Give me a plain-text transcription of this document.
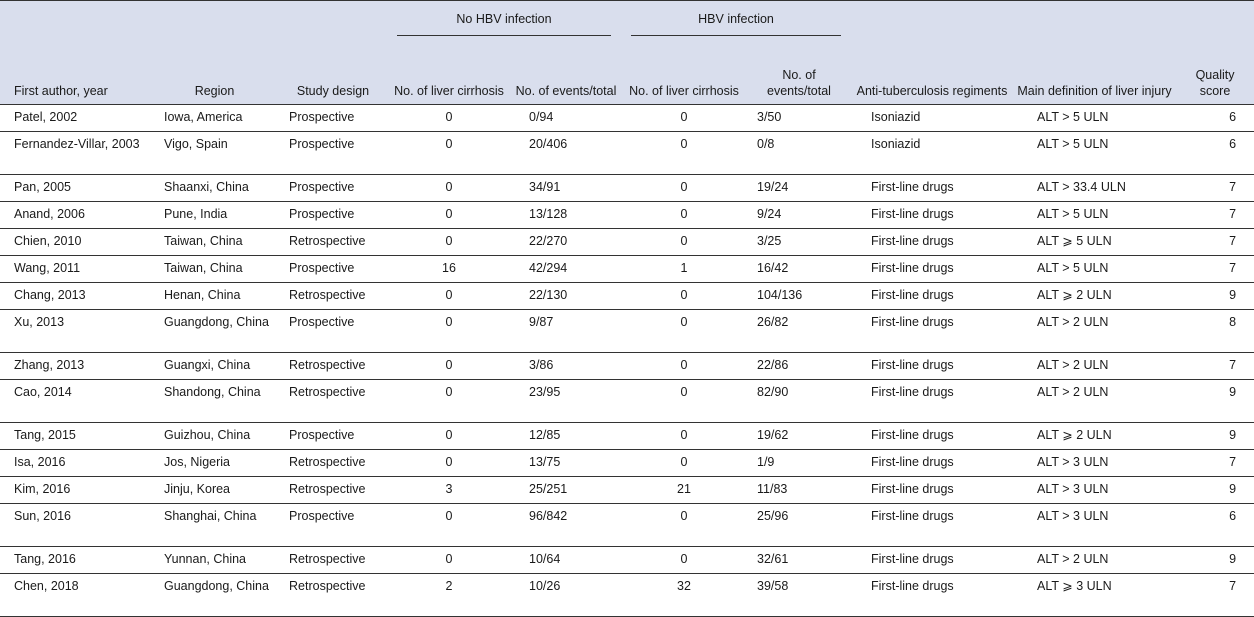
			No HBV infection		HBV infection				

First author, year	Region	Study design	No. of liver cirrhosis	No. of events/total	No. of liver cirrhosis	No. of events/total	Anti-tuberculosis regiments	Main definition of liver injury	Quality score
Patel, 2002	Iowa, America	Prospective	0	0/94	0	3/50	Isoniazid	ALT > 5 ULN	6
Fernandez-Villar, 2003	Vigo, Spain	Prospective	0	20/406	0	0/8	Isoniazid	ALT > 5 ULN	6
Pan, 2005	Shaanxi, China	Prospective	0	34/91	0	19/24	First-line drugs	ALT > 33.4 ULN	7
Anand, 2006	Pune, India	Prospective	0	13/128	0	9/24	First-line drugs	ALT > 5 ULN	7
Chien, 2010	Taiwan, China	Retrospective	0	22/270	0	3/25	First-line drugs	ALT ⩾ 5 ULN	7
Wang, 2011	Taiwan, China	Prospective	16	42/294	1	16/42	First-line drugs	ALT > 5 ULN	7
Chang, 2013	Henan, China	Retrospective	0	22/130	0	104/136	First-line drugs	ALT ⩾ 2 ULN	9
Xu, 2013	Guangdong, China	Prospective	0	9/87	0	26/82	First-line drugs	ALT > 2 ULN	8
Zhang, 2013	Guangxi, China	Retrospective	0	3/86	0	22/86	First-line drugs	ALT > 2 ULN	7
Cao, 2014	Shandong, China	Retrospective	0	23/95	0	82/90	First-line drugs	ALT > 2 ULN	9
Tang, 2015	Guizhou, China	Prospective	0	12/85	0	19/62	First-line drugs	ALT ⩾ 2 ULN	9
Isa, 2016	Jos, Nigeria	Retrospective	0	13/75	0	1/9	First-line drugs	ALT > 3 ULN	7
Kim, 2016	Jinju, Korea	Retrospective	3	25/251	21	11/83	First-line drugs	ALT > 3 ULN	9
Sun, 2016	Shanghai, China	Prospective	0	96/842	0	25/96	First-line drugs	ALT > 3 ULN	6
Tang, 2016	Yunnan, China	Retrospective	0	10/64	0	32/61	First-line drugs	ALT > 2 ULN	9
Chen, 2018	Guangdong, China	Retrospective	2	10/26	32	39/58	First-line drugs	ALT ⩾ 3 ULN	7
